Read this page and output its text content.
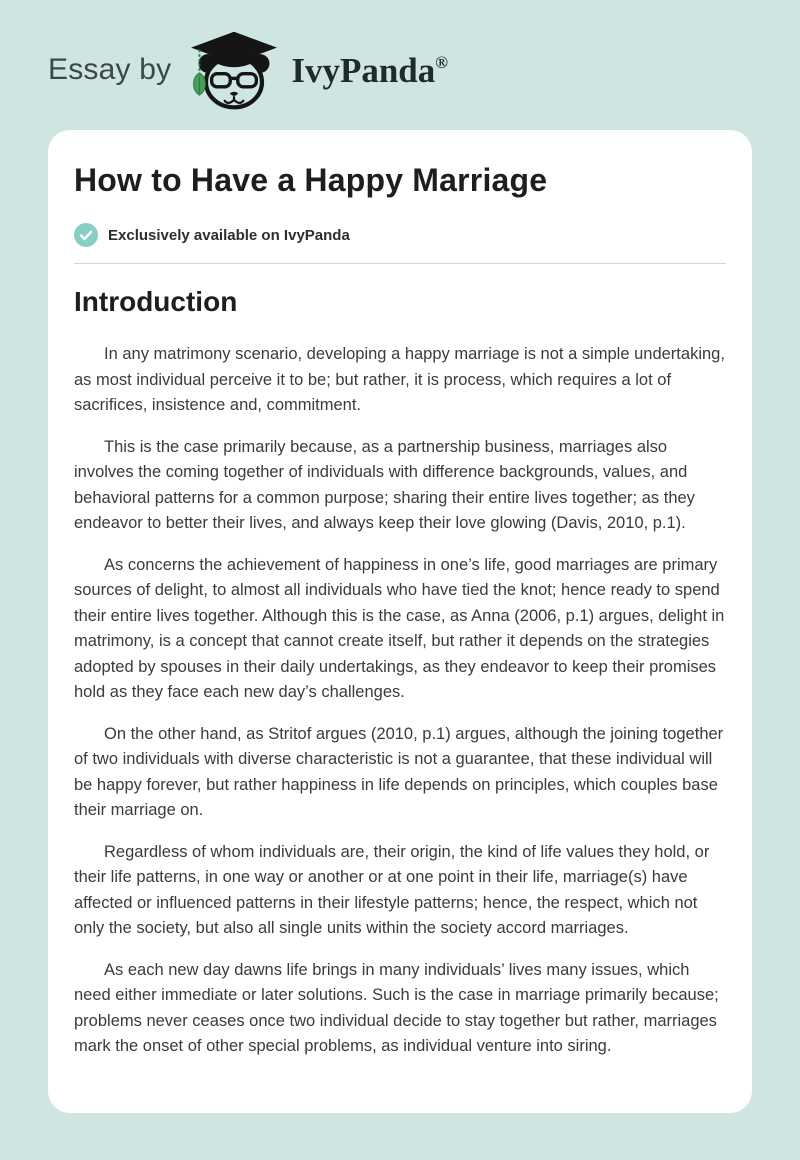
Essay by	IvyPanda®
How to Have a Happy Marriage
Exclusively available on IvyPanda
Introduction

In any matrimony scenario, developing a happy marriage is not a simple undertaking, as most individual perceive it to be; but rather, it is process, which requires a lot of sacrifices, insistence and, commitment.

This is the case primarily because, as a partnership business, marriages also involves the coming together of individuals with difference backgrounds, values, and behavioral patterns for a common purpose; sharing their entire lives together; as they endeavor to better their lives, and always keep their love glowing (Davis, 2010, p.1).

As concerns the achievement of happiness in one’s life, good marriages are primary sources of delight, to almost all individuals who have tied the knot; hence ready to spend their entire lives together. Although this is the case, as Anna (2006, p.1) argues, delight in matrimony, is a concept that cannot create itself, but rather it depends on the strategies adopted by spouses in their daily undertakings, as they endeavor to keep their promises hold as they face each new day’s challenges.

On the other hand, as Stritof argues (2010, p.1) argues, although the joining together of two individuals with diverse characteristic is not a guarantee, that these individual will be happy forever, but rather happiness in life depends on principles, which couples base their marriage on.

Regardless of whom individuals are, their origin, the kind of life values they hold, or their life patterns, in one way or another or at one point in their life, marriage(s) have affected or influenced patterns in their lifestyle patterns; hence, the respect, which not only the society, but also all single units within the society accord marriages.

As each new day dawns life brings in many individuals’ lives many issues, which need either immediate or later solutions. Such is the case in marriage primarily because; problems never ceases once two individual decide to stay together but rather, marriages mark the onset of other special problems, as individual venture into siring.
